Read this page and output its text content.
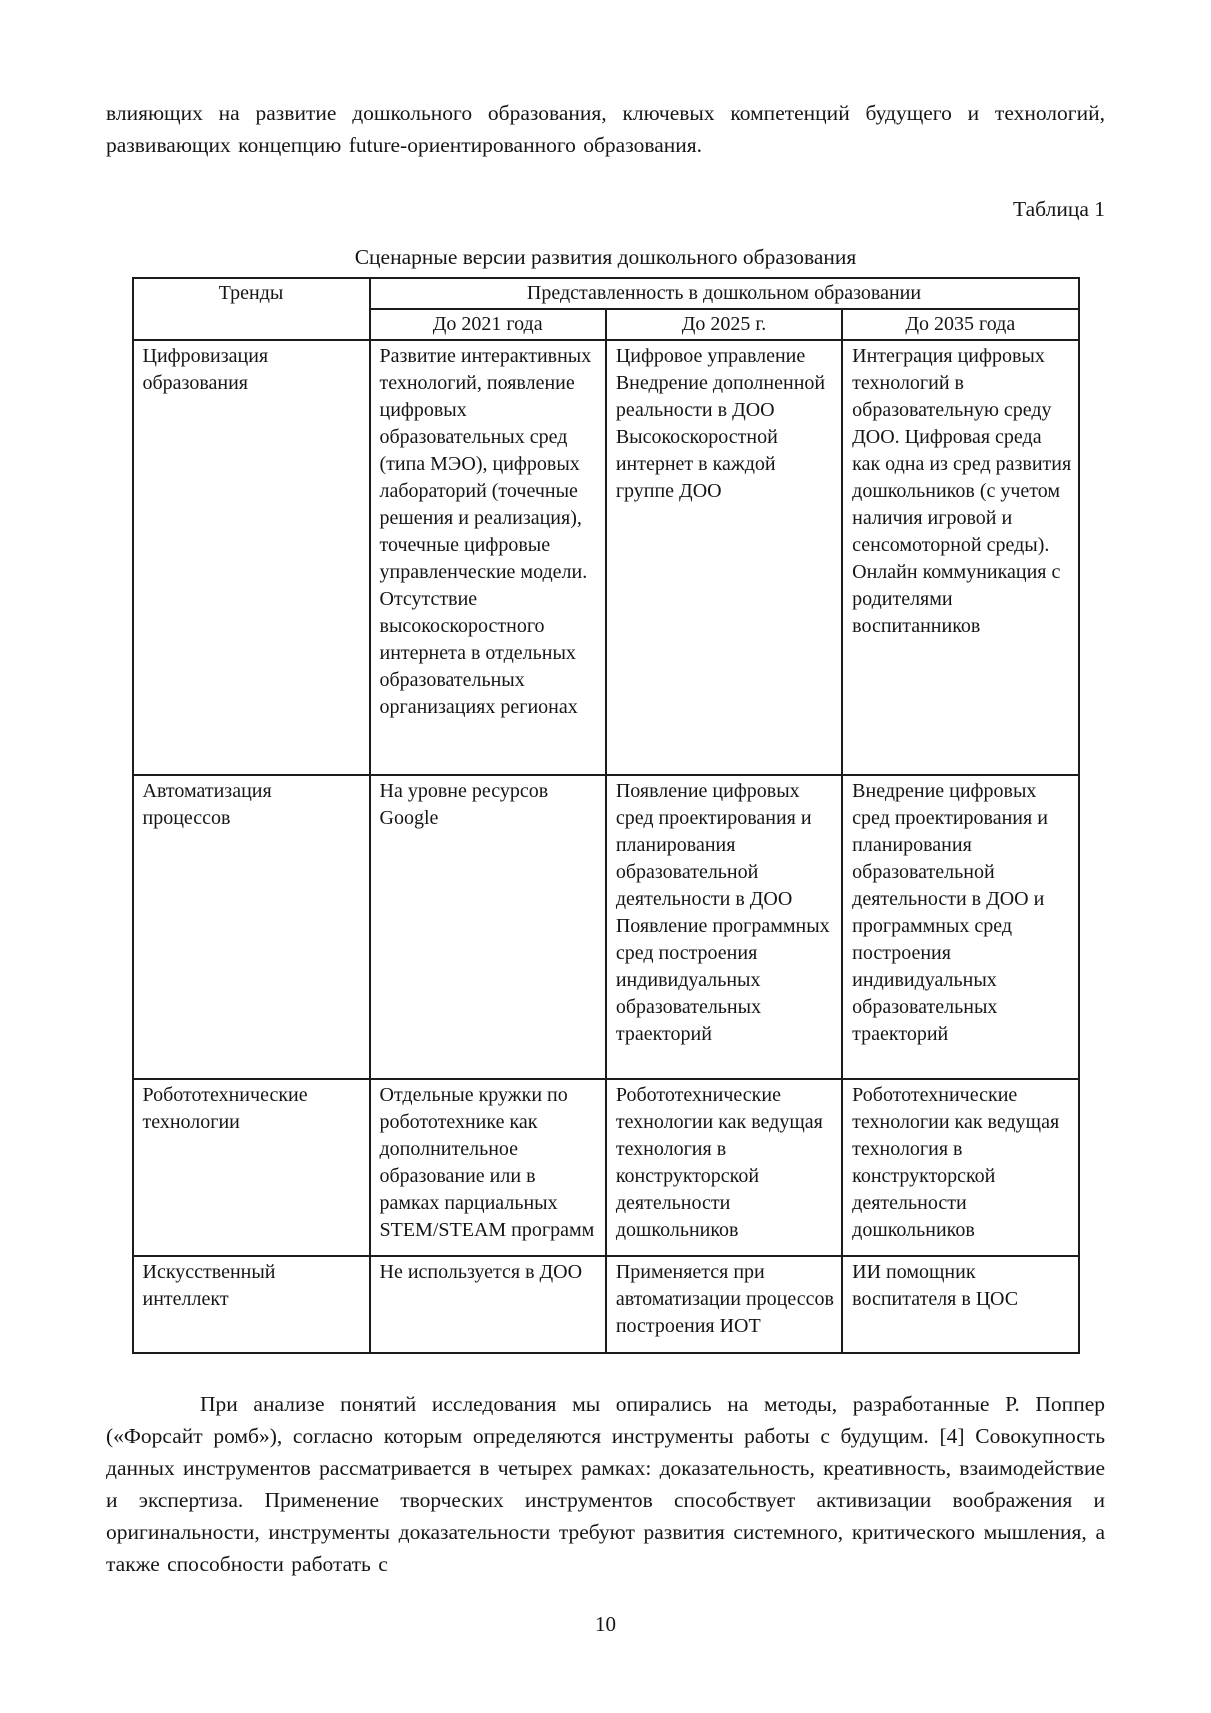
влияющих на развитие дошкольного образования, ключевых компетенций будущего и технологий, развивающих концепцию future-ориентированного образования.

Таблица 1

Сценарные версии развития дошкольного образования

Тренды	Представленность в дошкольном образовании		
	До 2021 года	До 2025 г.	До 2035 года
Цифровизация образования	Развитие интерактивных технологий, появление цифровых образовательных сред (типа МЭО), цифровых лабораторий (точечные решения и реализация), точечные цифровые управленческие модели. Отсутствие высокоскоростного интернета в отдельных образовательных организациях регионах	Цифровое управление Внедрение дополненной реальности в ДОО Высокоскоростной интернет в каждой группе ДОО	Интеграция цифровых технологий в образовательную среду ДОО. Цифровая среда как одна из сред развития дошкольников (с учетом наличия игровой и сенсомоторной среды). Онлайн коммуникация с родителями воспитанников
Автоматизация процессов	На уровне ресурсов Google	Появление цифровых сред проектирования и планирования образовательной деятельности в ДОО Появление программных сред построения индивидуальных образовательных траекторий	Внедрение цифровых сред проектирования и планирования образовательной деятельности в ДОО и программных сред построения индивидуальных образовательных траекторий
Робототехнические технологии	Отдельные кружки по робототехнике как дополнительное образование или в рамках парциальных STEM/STEAM программ	Робототехнические технологии как ведущая технология в конструкторской деятельности дошкольников	Робототехнические технологии как ведущая технология в конструкторской деятельности дошкольников
Искусственный интеллект	Не используется в ДОО	Применяется при автоматизации процессов построения ИОТ	ИИ помощник воспитателя в ЦОС

При анализе понятий исследования мы опирались на методы, разработанные Р. Поппер («Форсайт ромб»), согласно которым определяются инструменты работы с будущим. [4] Совокупность данных инструментов рассматривается в четырех рамках: доказательность, креативность, взаимодействие и экспертиза. Применение творческих инструментов способствует активизации воображения и оригинальности, инструменты доказательности требуют развития системного, критического мышления, а также способности работать с

10
